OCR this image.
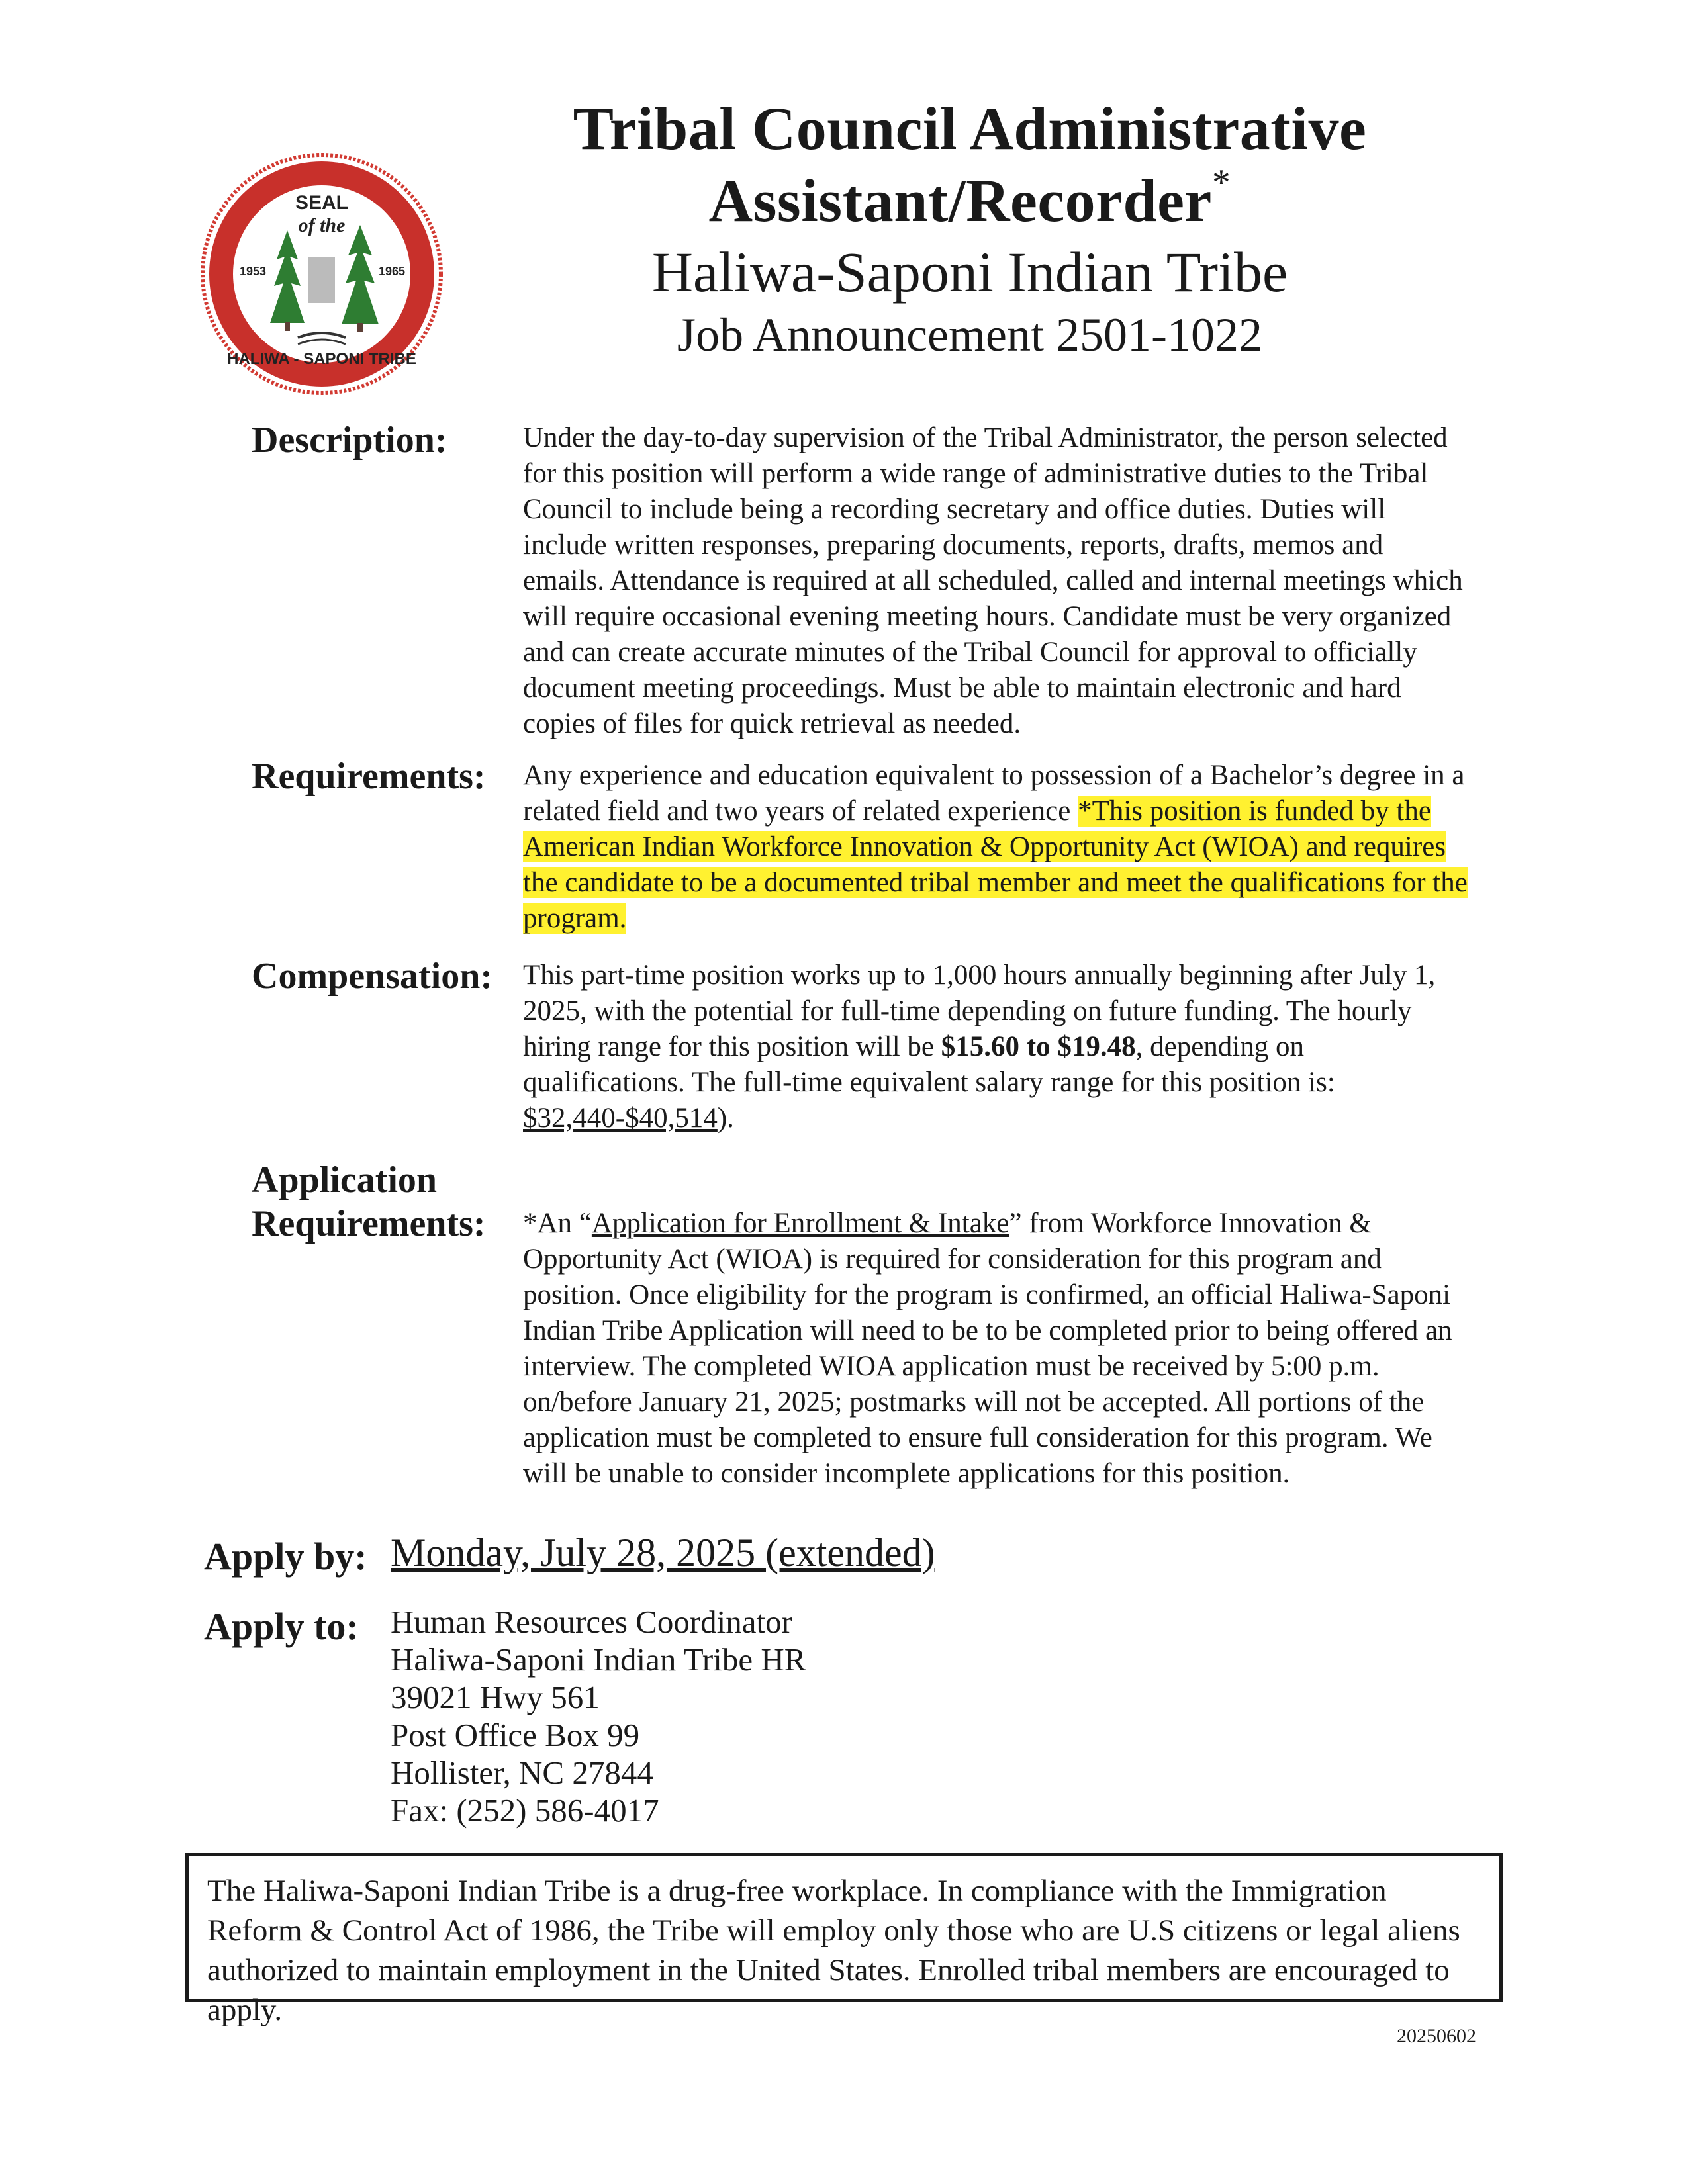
SEAL
of the
1953	1965
HALIWA - SAPONI TRIBE
Tribal Council Administrative
Assistant/Recorder*
Haliwa-Saponi Indian Tribe
Job Announcement 2501-1022
Description:	Under the day-to-day supervision of the Tribal Administrator, the person selected for this position will perform a wide range of administrative duties to the Tribal Council to include being a recording secretary and office duties. Duties will include written responses, preparing documents, reports, drafts, memos and emails. Attendance is required at all scheduled, called and internal meetings which will require occasional evening meeting hours. Candidate must be very organized and can create accurate minutes of the Tribal Council for approval to officially document meeting proceedings. Must be able to maintain electronic and hard copies of files for quick retrieval as needed.
Requirements: Any experience and education equivalent to possession of a Bachelor’s degree in a related field and two years of related experience *This position is funded by the American Indian Workforce Innovation & Opportunity Act (WIOA) and requires the candidate to be a documented tribal member and meet the qualifications for the program.
Compensation: This part-time position works up to 1,000 hours annually beginning after July 1, 2025, with the potential for full-time depending on future funding. The hourly hiring range for this position will be $15.60 to $19.48, depending on qualifications. The full-time equivalent salary range for this position is: $32,440-$40,514).
Application
Requirements: *An “Application for Enrollment & Intake” from Workforce Innovation & Opportunity Act (WIOA) is required for consideration for this program and position. Once eligibility for the program is confirmed, an official Haliwa-Saponi Indian Tribe Application will need to be to be completed prior to being offered an interview. The completed WIOA application must be received by 5:00 p.m. on/before January 21, 2025; postmarks will not be accepted. All portions of the application must be completed to ensure full consideration for this program. We will be unable to consider incomplete applications for this position.
Apply by: Monday, July 28, 2025 (extended)
Apply to: Human Resources Coordinator
Haliwa-Saponi Indian Tribe HR
39021 Hwy 561
Post Office Box 99
Hollister, NC 27844
Fax: (252) 586-4017
The Haliwa-Saponi Indian Tribe is a drug-free workplace. In compliance with the Immigration Reform & Control Act of 1986, the Tribe will employ only those who are U.S citizens or legal aliens authorized to maintain employment in the United States. Enrolled tribal members are encouraged to apply.
20250602
